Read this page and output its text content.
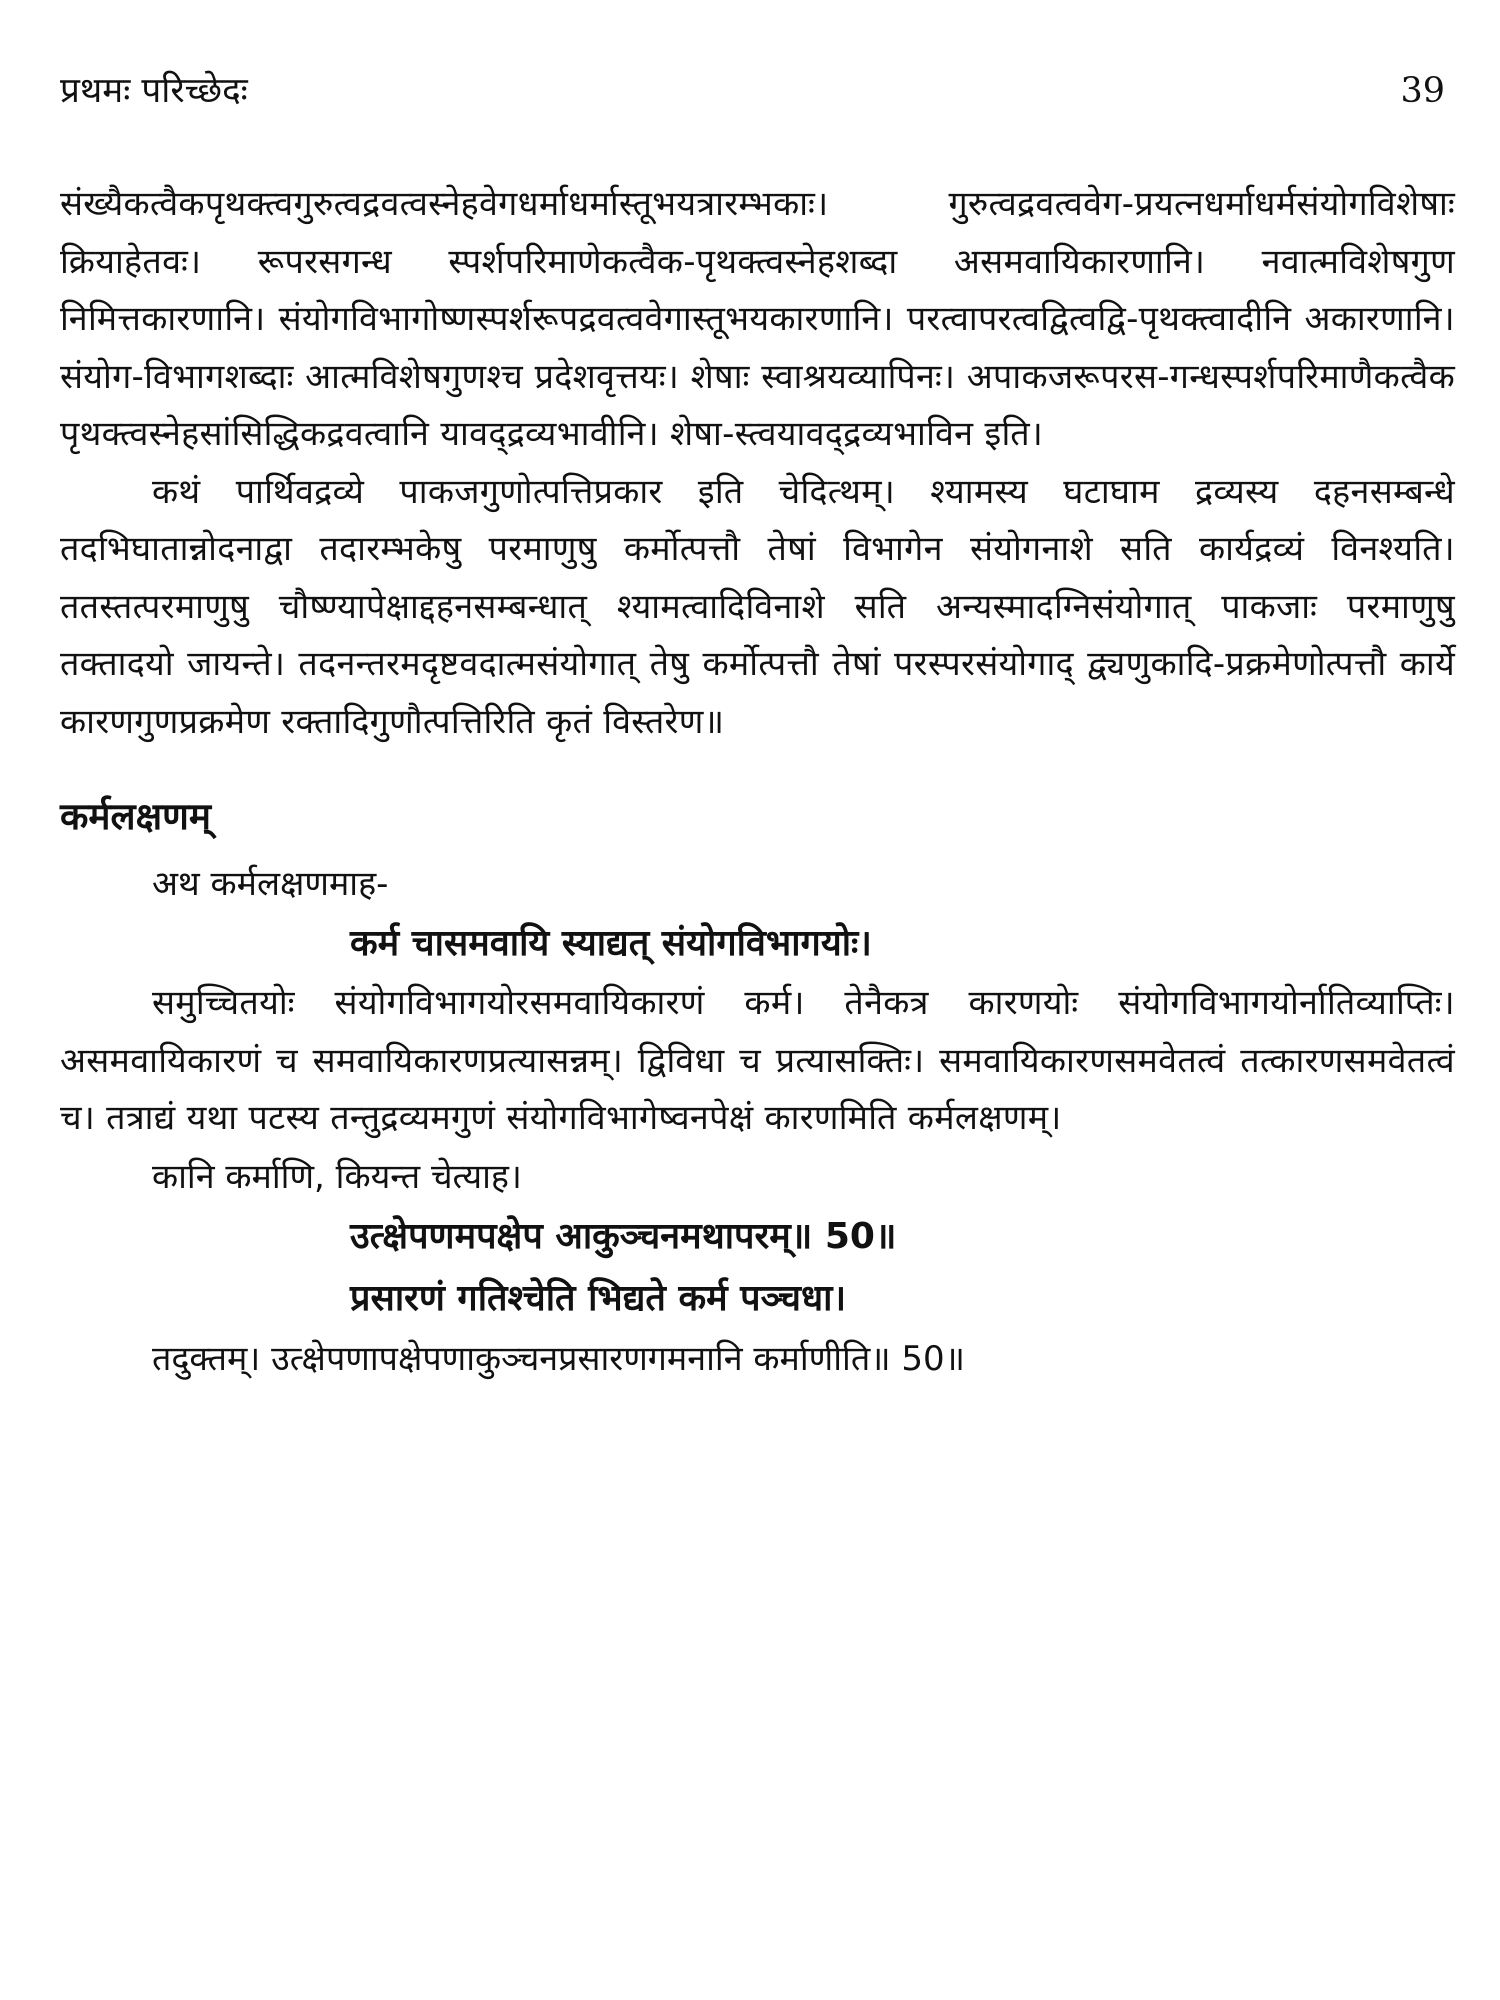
प्रथमः परिच्छेदः	39

संख्यैकत्वैकपृथक्त्वगुरुत्वद्रवत्वस्नेहवेगधर्माधर्मास्तूभयत्रारम्भकाः। गुरुत्वद्रवत्ववेग-प्रयत्नधर्माधर्मसंयोगविशेषाः क्रियाहेतवः। रूपरसगन्ध स्पर्शपरिमाणेकत्वैक-पृथक्त्वस्नेहशब्दा असमवायिकारणानि। नवात्मविशेषगुण निमित्तकारणानि। संयोगविभागोष्णस्पर्शरूपद्रवत्ववेगास्तूभयकारणानि। परत्वापरत्वद्वित्वद्वि-पृथक्त्वादीनि अकारणानि। संयोग-विभागशब्दाः आत्मविशेषगुणश्च प्रदेशवृत्तयः। शेषाः स्वाश्रयव्यापिनः। अपाकजरूपरस-गन्धस्पर्शपरिमाणैकत्वैक पृथक्त्वस्नेहसांसिद्धिकद्रवत्वानि यावद्द्रव्यभावीनि। शेषा-स्त्वयावद्द्रव्यभाविन इति।

कथं पार्थिवद्रव्ये पाकजगुणोत्पत्तिप्रकार इति चेदित्थम्। श्यामस्य घटाघाम द्रव्यस्य दहनसम्बन्धे तदभिघातान्नोदनाद्वा तदारम्भकेषु परमाणुषु कर्मोत्पत्तौ तेषां विभागेन संयोगनाशे सति कार्यद्रव्यं विनश्यति। ततस्तत्परमाणुषु चौष्ण्यापेक्षाद्दहनसम्बन्धात् श्यामत्वादिविनाशे सति अन्यस्मादग्निसंयोगात् पाकजाः परमाणुषु तक्तादयो जायन्ते। तदनन्तरमदृष्टवदात्मसंयोगात् तेषु कर्मोत्पत्तौ तेषां परस्परसंयोगाद् द्व्यणुकादि-प्रक्रमेणोत्पत्तौ कार्ये कारणगुणप्रक्रमेण रक्तादिगुणौत्पत्तिरिति कृतं विस्तरेण॥

कर्मलक्षणम्

अथ कर्मलक्षणमाह-

कर्म चासमवायि स्याद्यत् संयोगविभागयोः।

समुच्चितयोः संयोगविभागयोरसमवायिकारणं कर्म। तेनैकत्र कारणयोः संयोगविभागयोर्नातिव्याप्तिः। असमवायिकारणं च समवायिकारणप्रत्यासन्नम्। द्विविधा च प्रत्यासक्तिः। समवायिकारणसमवेतत्वं तत्कारणसमवेतत्वं च। तत्राद्यं यथा पटस्य तन्तुद्रव्यमगुणं संयोगविभागेष्वनपेक्षं कारणमिति कर्मलक्षणम्।

कानि कर्माणि, कियन्त चेत्याह।

उत्क्षेपणमपक्षेप आकुञ्चनमथापरम्॥ 50॥
प्रसारणं गतिश्चेति भिद्यते कर्म पञ्चधा।

तदुक्तम्। उत्क्षेपणापक्षेपणाकुञ्चनप्रसारणगमनानि कर्माणीति॥ 50॥
